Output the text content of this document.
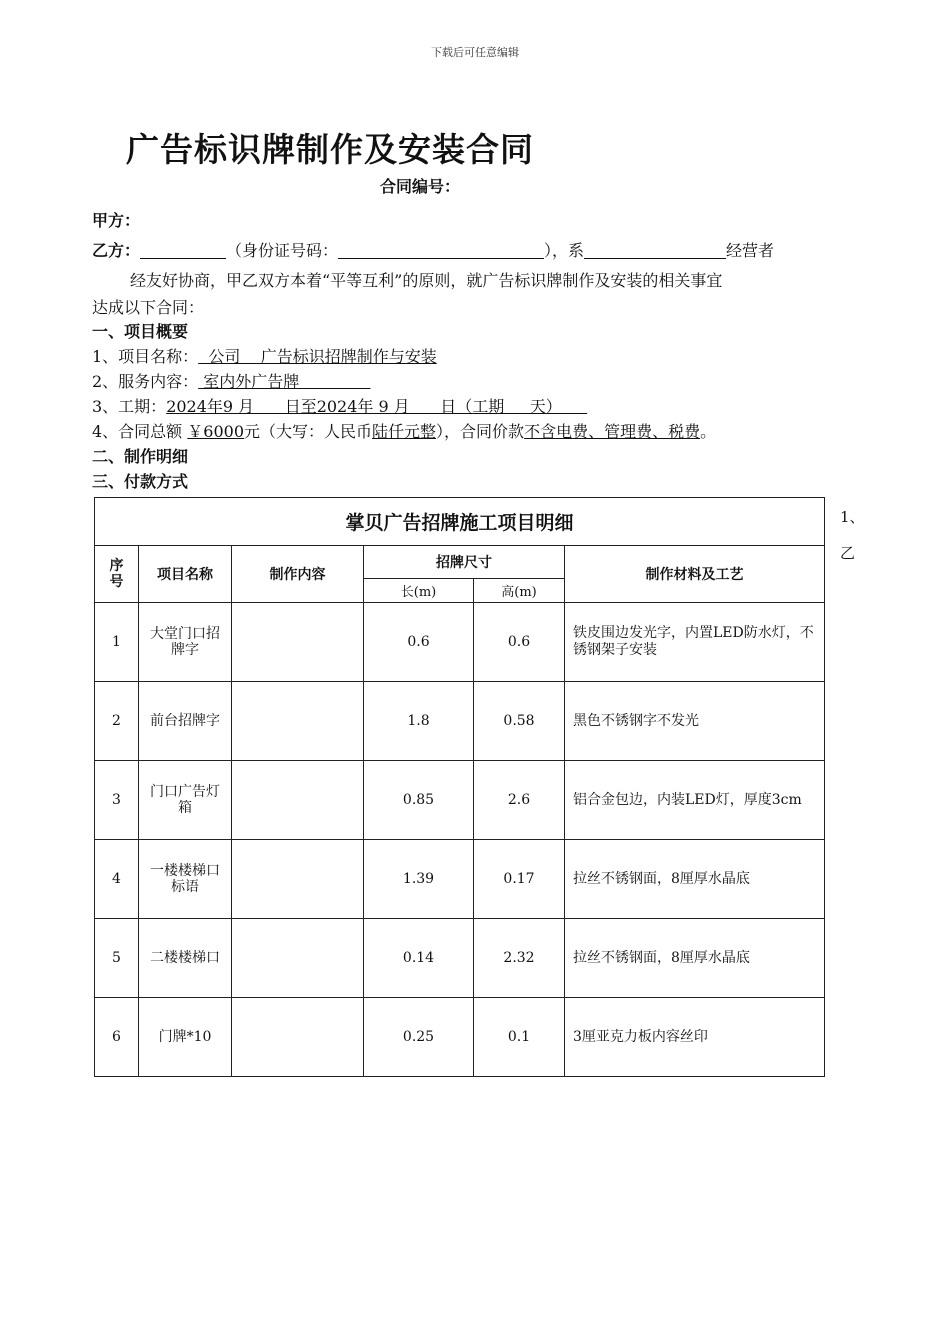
下载后可任意编辑
广告标识牌制作及安装合同
合同编号：
甲方：
乙方：	（身份证号码：	），系	经营者
经友好协商，甲乙双方本着“平等互利”的原则，就广告标识牌制作及安装的相关事宜
达成以下合同：
一、项目概要
1、项目名称：  公司    广告标识招牌制作与安装
2、服务内容： 室内外广告牌
3、工期：2024年9 月      日至2024年 9 月      日（工期     天）
4、合同总额 ￥6000元（大写：人民币陆仟元整），合同价款不含电费、管理费、税费。
二、制作明细
三、付款方式
1、
乙
掌贝广告招牌施工项目明细					
序号	项目名称	制作内容	招牌尺寸		制作材料及工艺
			长(m)	高(m)	

1	大堂门口招牌字		0.6	0.6	铁皮围边发光字，内置LED防水灯，不锈钢架子安装
2	前台招牌字		1.8	0.58	黑色不锈钢字不发光
3	门口广告灯箱		0.85	2.6	铝合金包边，内装LED灯，厚度3cm
4	一楼楼梯口标语		1.39	0.17	拉丝不锈钢面，8厘厚水晶底
5	二楼楼梯口		0.14	2.32	拉丝不锈钢面，8厘厚水晶底
6	门牌*10		0.25	0.1	3厘亚克力板内容丝印
